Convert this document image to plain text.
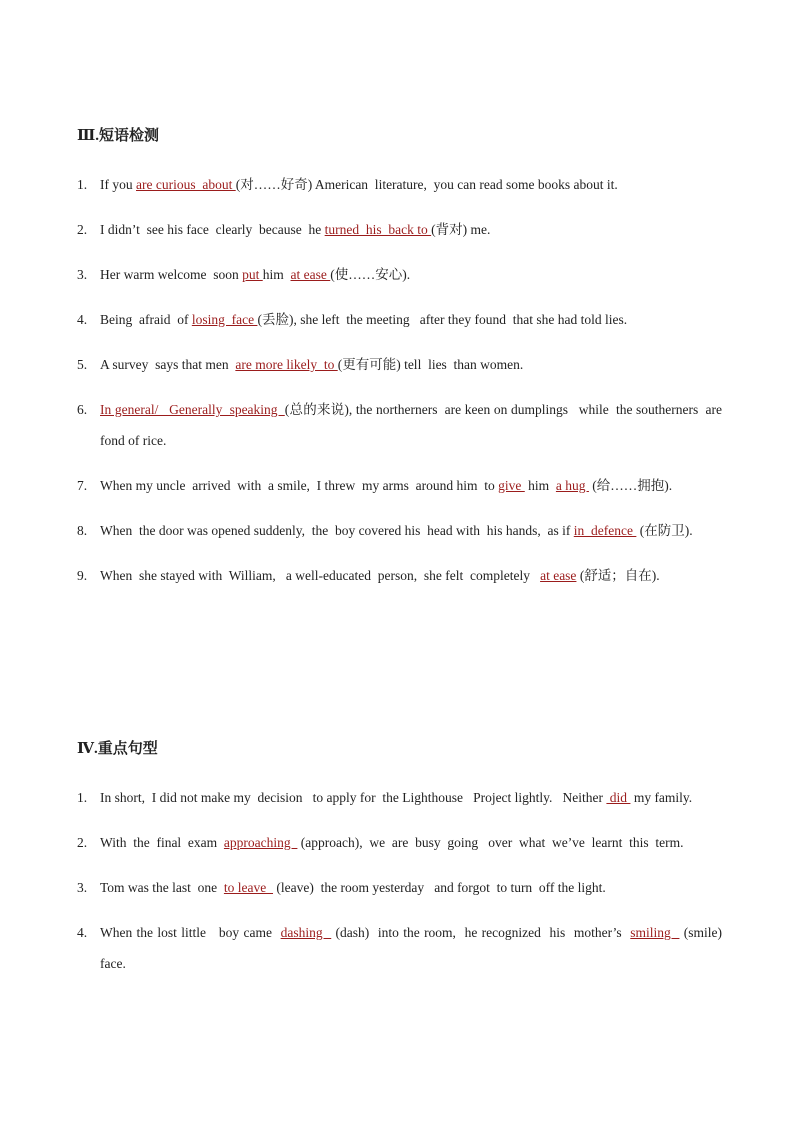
Ⅲ.短语检测
1. If you are curious  about (对……好奇) American  literature,  you can read some books about it.
2. I didn’t  see his face  clearly  because  he turned  his  back to (背对) me.
3. Her warm welcome  soon put him  at ease (使……安心).
4. Being  afraid  of losing  face (丢脸), she left  the meeting   after they found  that she had told lies.
5. A survey  says that men  are more likely  to (更有可能) tell  lies  than women.
6. In general/   Generally  speaking  (总的来说), the northerners  are keen on dumplings   while  the southerners  are fond of rice.
7. When my uncle  arrived  with  a smile,  I threw  my arms  around him  to give  him  a hug  (给……拥抱).
8. When  the door was opened suddenly,  the  boy covered his  head with  his hands,  as if in  defence  (在防卫).
9. When  she stayed with  William,   a well-educated  person,  she felt  completely   at ease (舒适；自在).
Ⅳ.重点句型
1. In short,  I did not make my  decision   to apply for  the Lighthouse   Project lightly.   Neither  did  my family.
2. With  the  final  exam  approaching   (approach),  we  are  busy  going   over  what  we’ve  learnt  this  term.
3. Tom was the last  one  to leave   (leave)  the room yesterday   and forgot  to turn  off the light.
4. When the lost little   boy came  dashing   (dash)  into the room,  he recognized  his  mother’s  smiling   (smile)  face.
